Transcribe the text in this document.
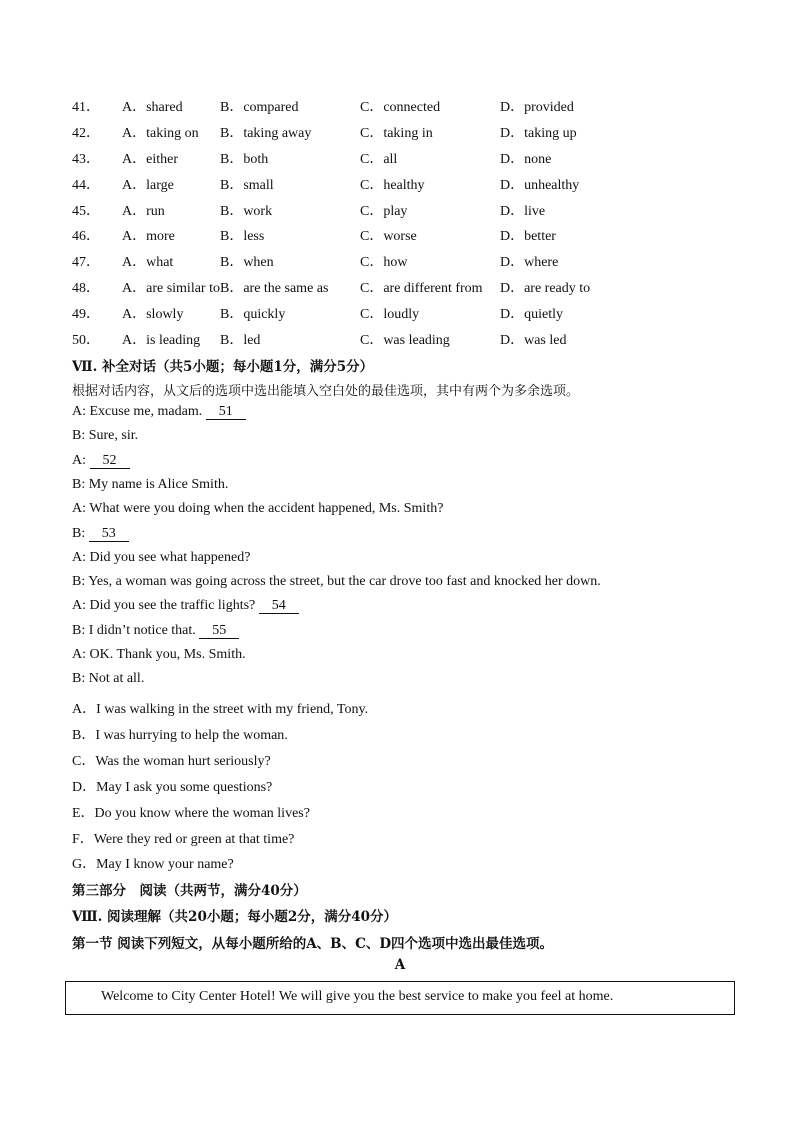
41．	A．shared	B．compared	C．connected	D．provided
42．	A．taking on	B．taking away	C．taking in	D．taking up
43．	A．either	B．both	C．all	D．none
44．	A．large	B．small	C．healthy	D．unhealthy
45．	A．run	B．work	C．play	D．live
46．	A．more	B．less	C．worse	D．better
47．	A．what	B．when	C．how	D．where
48．	A．are similar to	B．are the same as	C．are different from	D．are ready to
49．	A．slowly	B．quickly	C．loudly	D．quietly
50．	A．is leading	B．led	C．was leading	D．was led
Ⅶ. 补全对话（共5小题；每小题1分，满分5分）
根据对话内容，从文后的选项中选出能填入空白处的最佳选项，其中有两个为多余选项。
A: Excuse me, madam. 51
B: Sure, sir.
A: 52
B: My name is Alice Smith.
A: What were you doing when the accident happened, Ms. Smith?
B: 53
A: Did you see what happened?
B: Yes, a woman was going across the street, but the car drove too fast and knocked her down.
A: Did you see the traffic lights? 54
B: I didn’t notice that. 55
A: OK. Thank you, Ms. Smith.
B: Not at all.
A．I was walking in the street with my friend, Tony.
B．I was hurrying to help the woman.
C．Was the woman hurt seriously?
D．May I ask you some questions?
E．Do you know where the woman lives?
F．Were they red or green at that time?
G．May I know your name?
第三部分　阅读（共两节，满分40分）
Ⅷ. 阅读理解（共20小题；每小题2分，满分40分）
第一节 阅读下列短文，从每小题所给的A、B、C、D四个选项中选出最佳选项。
A
Welcome to City Center Hotel! We will give you the best service to make you feel at home.
